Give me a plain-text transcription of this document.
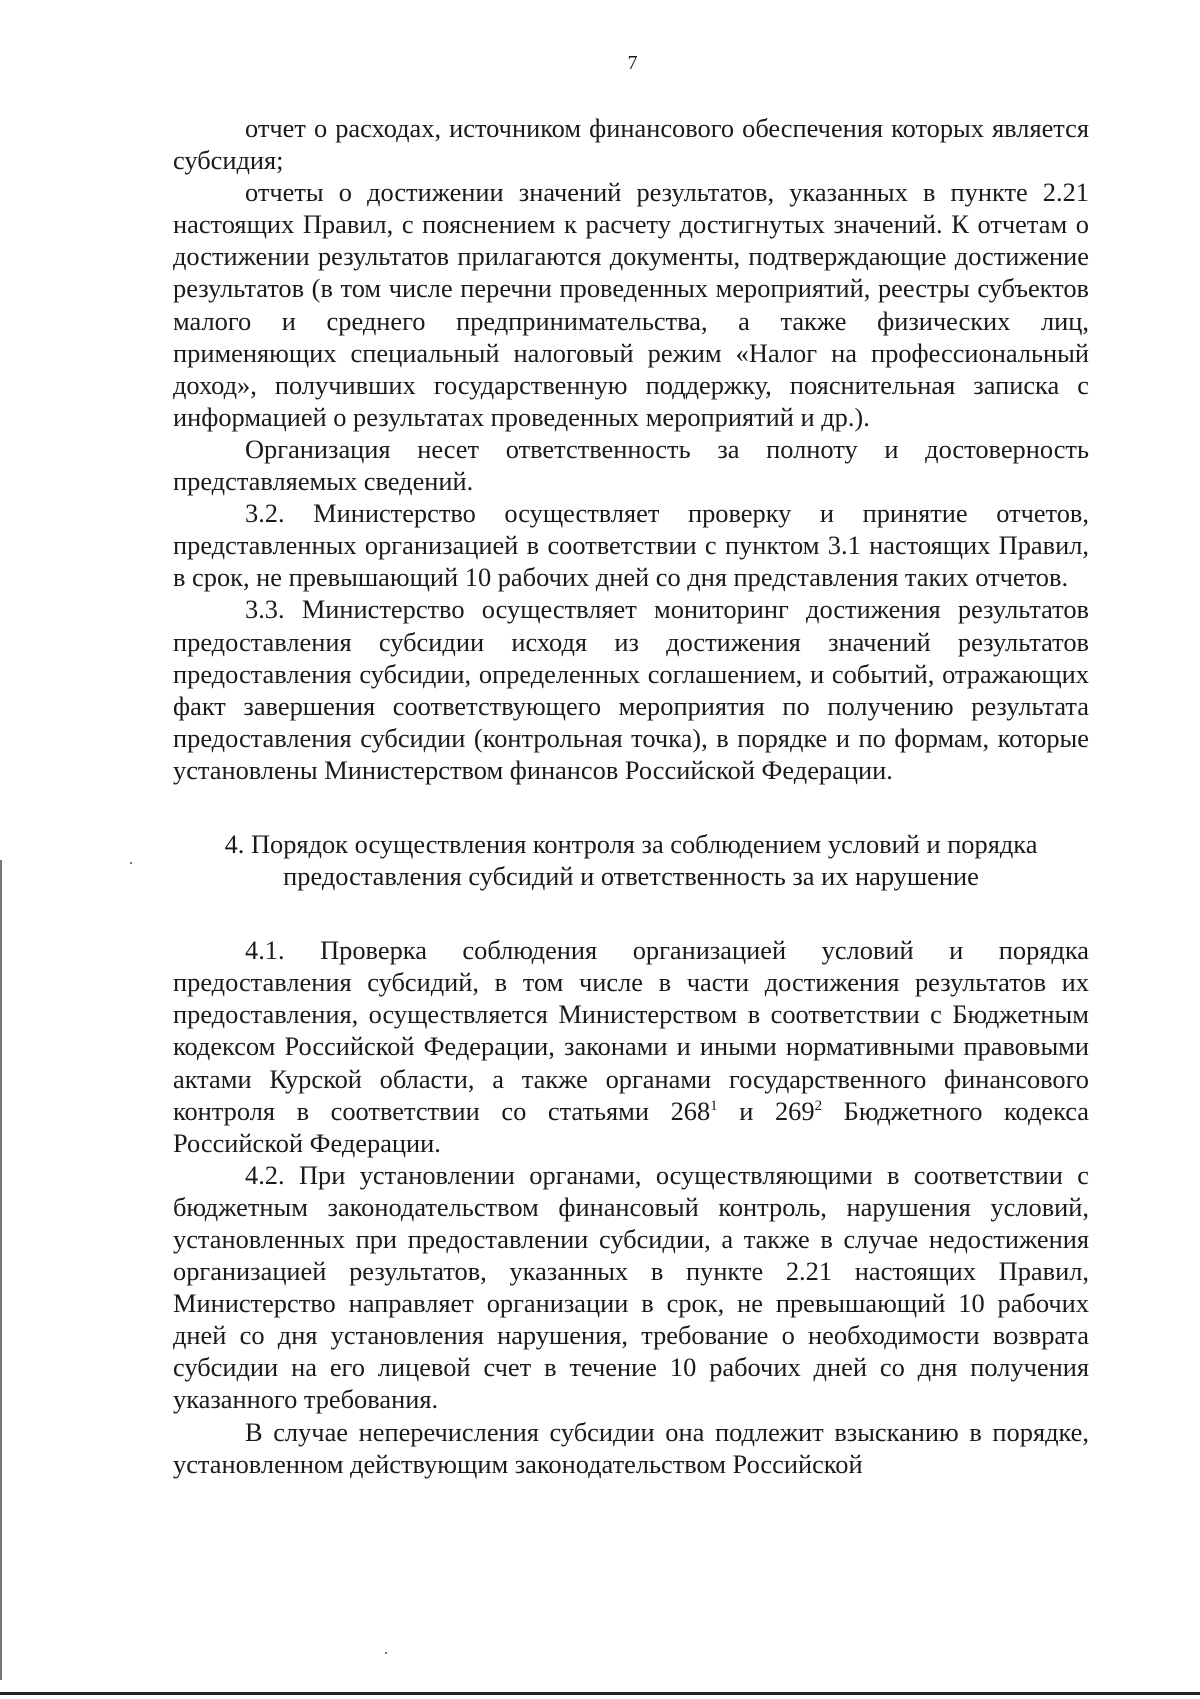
7

отчет о расходах, источником финансового обеспечения которых является субсидия;

отчеты о достижении значений результатов, указанных в пункте 2.21 настоящих Правил, с пояснением к расчету достигнутых значений. К отчетам о достижении результатов прилагаются документы, подтверждающие достижение результатов (в том числе перечни проведенных мероприятий, реестры субъектов малого и среднего предпринимательства, а также физических лиц, применяющих специальный налоговый режим «Налог на профессиональный доход», получивших государственную поддержку, пояснительная записка с информацией о результатах проведенных мероприятий и др.).

Организация несет ответственность за полноту и достоверность представляемых сведений.

3.2. Министерство осуществляет проверку и принятие отчетов, представленных организацией в соответствии с пунктом 3.1 настоящих Правил, в срок, не превышающий 10 рабочих дней со дня представления таких отчетов.

3.3. Министерство осуществляет мониторинг достижения результатов предоставления субсидии исходя из достижения значений результатов предоставления субсидии, определенных соглашением, и событий, отражающих факт завершения соответствующего мероприятия по получению результата предоставления субсидии (контрольная точка), в порядке и по формам, которые установлены Министерством финансов Российской Федерации.

4. Порядок осуществления контроля за соблюдением условий и порядка
предоставления субсидий и ответственность за их нарушение

4.1. Проверка соблюдения организацией условий и порядка предоставления субсидий, в том числе в части достижения результатов их предоставления, осуществляется Министерством в соответствии с Бюджетным кодексом Российской Федерации, законами и иными нормативными правовыми актами Курской области, а также органами государственного финансового контроля в соответствии со статьями $268^1$ и $269^2$ Бюджетного кодекса Российской Федерации.

4.2. При установлении органами, осуществляющими в соответствии с бюджетным законодательством финансовый контроль, нарушения условий, установленных при предоставлении субсидии, а также в случае недостижения организацией результатов, указанных в пункте 2.21 настоящих Правил, Министерство направляет организации в срок, не превышающий 10 рабочих дней со дня установления нарушения, требование о необходимости возврата субсидии на его лицевой счет в течение 10 рабочих дней со дня получения указанного требования.

В случае неперечисления субсидии она подлежит взысканию в порядке, установленном действующим законодательством Российской
